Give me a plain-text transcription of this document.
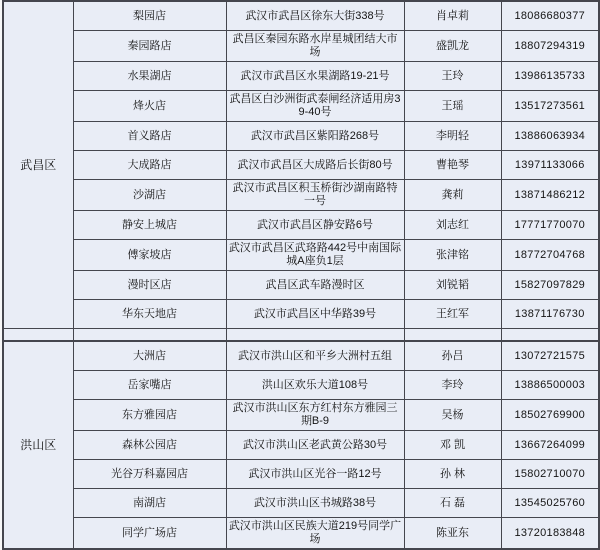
武昌区	梨园店	武汉市武昌区徐东大街338号	肖卓莉	18086680377
	秦园路店	武昌区秦园东路水岸星城团结大市场	盛凯龙	18807294319
	水果湖店	武汉市武昌区水果湖路19-21号	王玲	13986135733
	烽火店	武昌区白沙洲街武泰闸经济适用房39-40号	王瑶	13517273561
	首义路店	武汉市武昌区紫阳路268号	李明轻	13886063934
	大成路店	武汉市武昌区大成路后长街80号	曹艳琴	13971133066
	沙湖店	武汉市武昌区积玉桥街沙湖南路特一号	龚莉	13871486212
	静安上城店	武汉市武昌区静安路6号	刘志红	17771770070
	傅家坡店	武汉市武昌区武珞路442号中南国际城A座负1层	张津铭	18772704768
	漫时区店	武昌区武车路漫时区	刘锐韬	15827097829
	华东天地店	武汉市武昌区中华路39号	王红军	13871176730

洪山区	大洲店	武汉市洪山区和平乡大洲村五组	孙吕	13072721575
	岳家嘴店	洪山区欢乐大道108号	李玲	13886500003
	东方雅园店	武汉市洪山区东方红村东方雅园三期B-9	吴杨	18502769900
	森林公园店	武汉市洪山区老武黄公路30号	邓 凯	13667264099
	光谷万科嘉园店	武汉市洪山区光谷一路12号	孙 林	15802710070
	南湖店	武汉市洪山区书城路38号	石 磊	13545025760
	同学广场店	武汉市洪山区民族大道219号同学广场	陈亚东	13720183848
